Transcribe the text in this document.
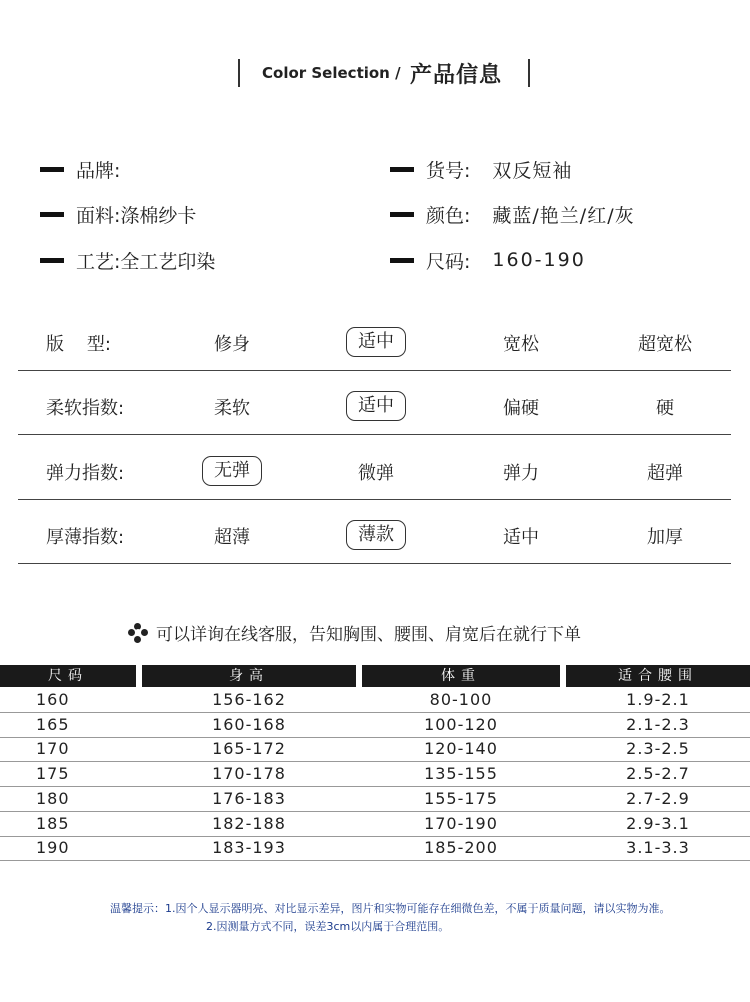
Color Selection / 产品信息
品牌:	货号: 双反短袖
面料: 涤棉纱卡	颜色: 藏蓝/艳兰/红/灰
工艺: 全工艺印染	尺码: 160-190
版    型:	修身	适中	宽松	超宽松
柔软指数:	柔软	适中	偏硬	硬
弹力指数:	无弹	微弹	弹力	超弹
厚薄指数:	超薄	薄款	适中	加厚
可以详询在线客服，告知胸围、腰围、肩宽后在就行下单
尺码	身高	体重	适合腰围
160	156-162	80-100	1.9-2.1
165	160-168	100-120	2.1-2.3
170	165-172	120-140	2.3-2.5
175	170-178	135-155	2.5-2.7
180	176-183	155-175	2.7-2.9
185	182-188	170-190	2.9-3.1
190	183-193	185-200	3.1-3.3
温馨提示：1.因个人显示器明亮、对比显示差异，图片和实物可能存在细微色差，不属于质量问题，请以实物为准。
2.因测量方式不同，误差3cm以内属于合理范围。
